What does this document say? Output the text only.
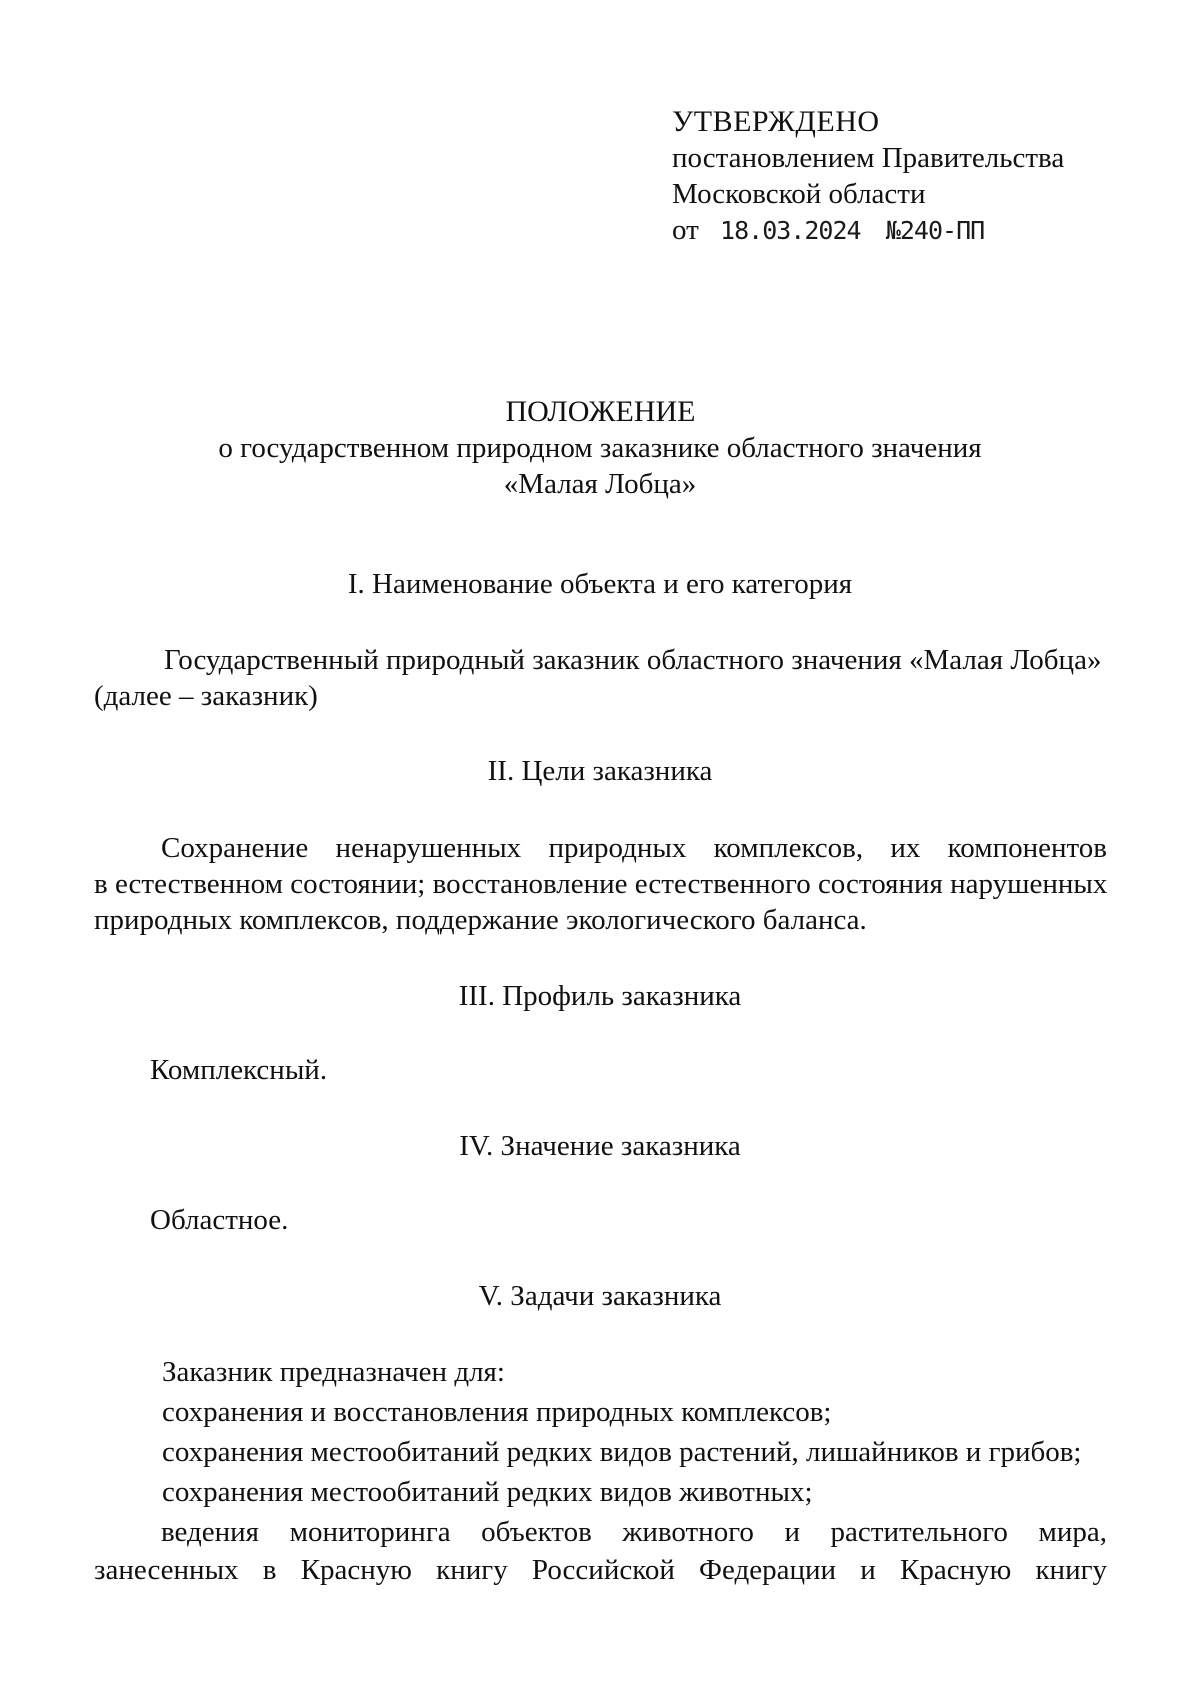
УТВЕРЖДЕНО
постановлением Правительства
Московской области
от 18.03.2024 №240-ПП
ПОЛОЖЕНИЕ
о государственном природном заказнике областного значения
«Малая Лобца»
I. Наименование объекта и его категория
Государственный природный заказник областного значения «Малая Лобца»
(далее – заказник)
II. Цели заказника
Сохранение ненарушенных природных комплексов, их компонентов
в естественном состоянии; восстановление естественного состояния нарушенных
природных комплексов, поддержание экологического баланса.
III. Профиль заказника
Комплексный.
IV. Значение заказника
Областное.
V. Задачи заказника
Заказник предназначен для:
сохранения и восстановления природных комплексов;
сохранения местообитаний редких видов растений, лишайников и грибов;
сохранения местообитаний редких видов животных;
ведения мониторинга объектов животного и растительного мира,
занесенных в Красную книгу Российской Федерации и Красную книгу
